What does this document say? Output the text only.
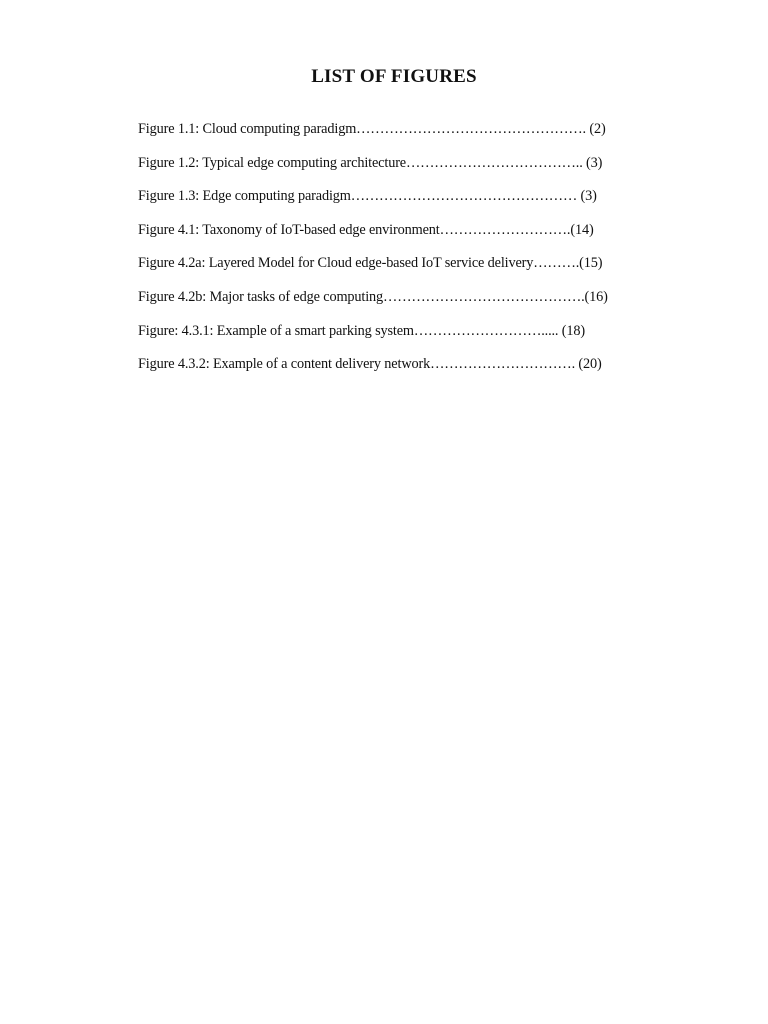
LIST OF FIGURES
Figure 1.1: Cloud computing paradigm…………………………………………. (2)
Figure 1.2: Typical edge computing architecture……………………………….. (3)
Figure 1.3: Edge computing paradigm………………………………………… (3)
Figure 4.1: Taxonomy of IoT-based edge environment……………………….(14)
Figure 4.2a: Layered Model for Cloud edge-based IoT service delivery……….(15)
Figure 4.2b: Major tasks of edge computing…………………………………….(16)
Figure: 4.3.1: Example of a smart parking system………………………..... (18)
Figure 4.3.2: Example of a content delivery network…………………………. (20)
